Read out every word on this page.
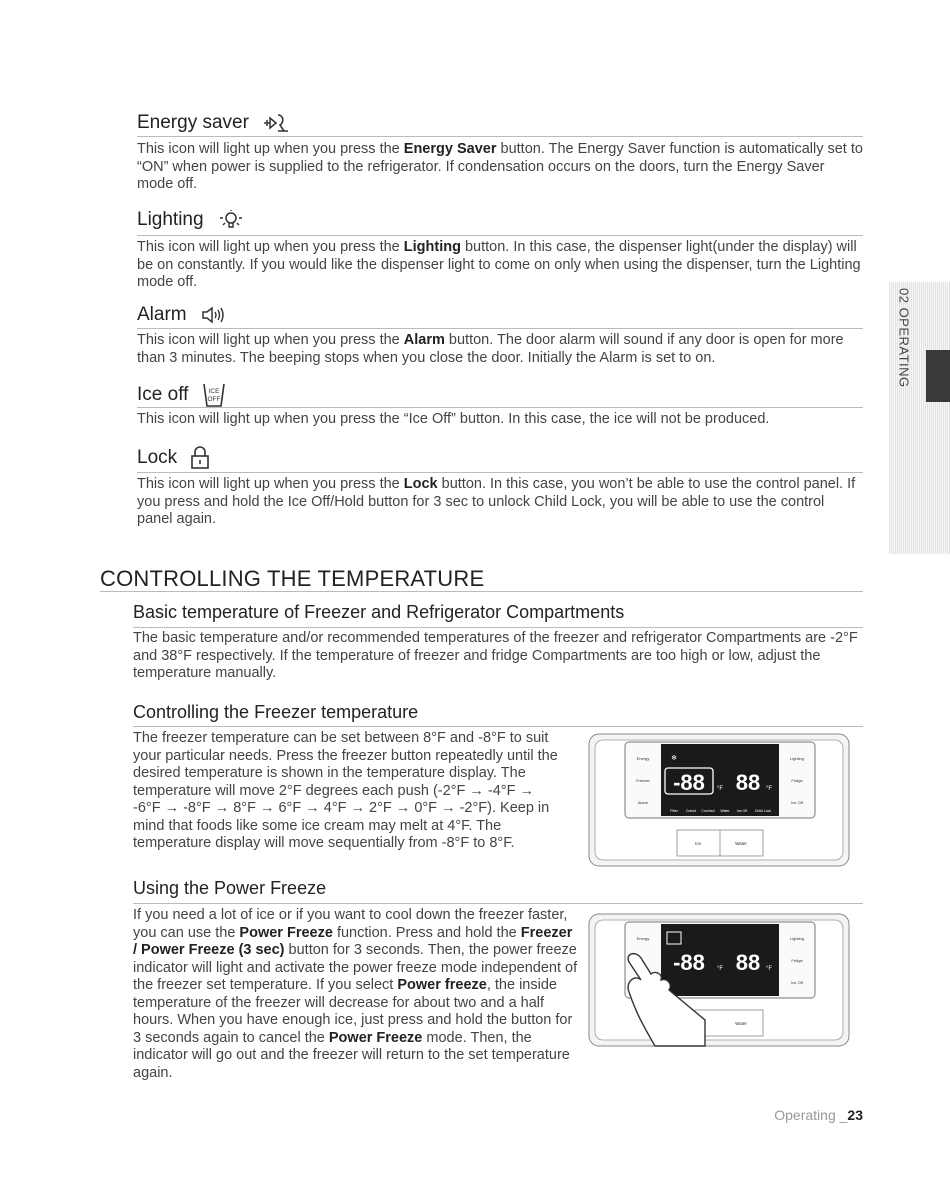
Energy saver
This icon will light up when you press the Energy Saver button. The Energy Saver function is automatically set to “ON” when power is supplied to the refrigerator. If condensation occurs on the doors, turn the Energy Saver mode off.
Lighting
This icon will light up when you press the Lighting button. In this case, the dispenser light(under the display) will be on constantly. If you would like the dispenser light to come on only when using the dispenser, turn the Lighting mode off.
Alarm
This icon will light up when you press the Alarm button. The door alarm will sound if any door is open for more than 3 minutes. The beeping stops when you close the door. Initially the Alarm is set to on.
Ice off	ICE
OFF
This icon will light up when you press the “Ice Off” button. In this case, the ice will not be produced.
Lock
This icon will light up when you press the Lock button. In this case, you won’t be able to use the control panel. If you press and hold the Ice Off/Hold button for 3 sec to unlock Child Lock, you will be able to use the control panel again.
CONTROLLING THE TEMPERATURE
Basic temperature of Freezer and Refrigerator Compartments
The basic temperature and/or recommended temperatures of the freezer and refrigerator Compartments are -2°F and 38°F respectively. If the temperature of freezer and fridge Compartments are too high or low, adjust the temperature manually.
Controlling the Freezer temperature
The freezer temperature can be set between 8°F and -8°F to suit your particular needs. Press the freezer button repeatedly until the desired temperature is shown in the temperature display. The temperature will move 2°F degrees each push (-2°F → -4°F → -6°F → -8°F → 8°F → 6°F → 4°F → 2°F → 0°F → -2°F). Keep in mind that foods like some ice cream may melt at 4°F. The temperature display will move sequentially from -8°F to 8°F.
Using the Power Freeze
If you need a lot of ice or if you want to cool down the freezer faster, you can use the Power Freeze function. Press and hold the Freezer / Power Freeze (3 sec) button for 3 seconds. Then, the power freeze indicator will light and activate the power freeze mode independent of the freezer set temperature. If you select Power freeze, the inside temperature of the freezer will decrease for about two and a half hours. When you have enough ice, just press and hold the button for 3 seconds again to cancel the Power Freeze mode. Then, the indicator will go out and the freezer will return to the set temperature again.
❄
-88 °F 88 °F
Filter Cubed Crushed Water Ice Off Child Lock
Energy
Freezer
Alarm
Lighting
Fridge
Ice Off
Ice	Water
-88 °F 88 °F
Energy	Lighting
Fridge
Ice Off
Water
02 OPERATING
Operating _23
